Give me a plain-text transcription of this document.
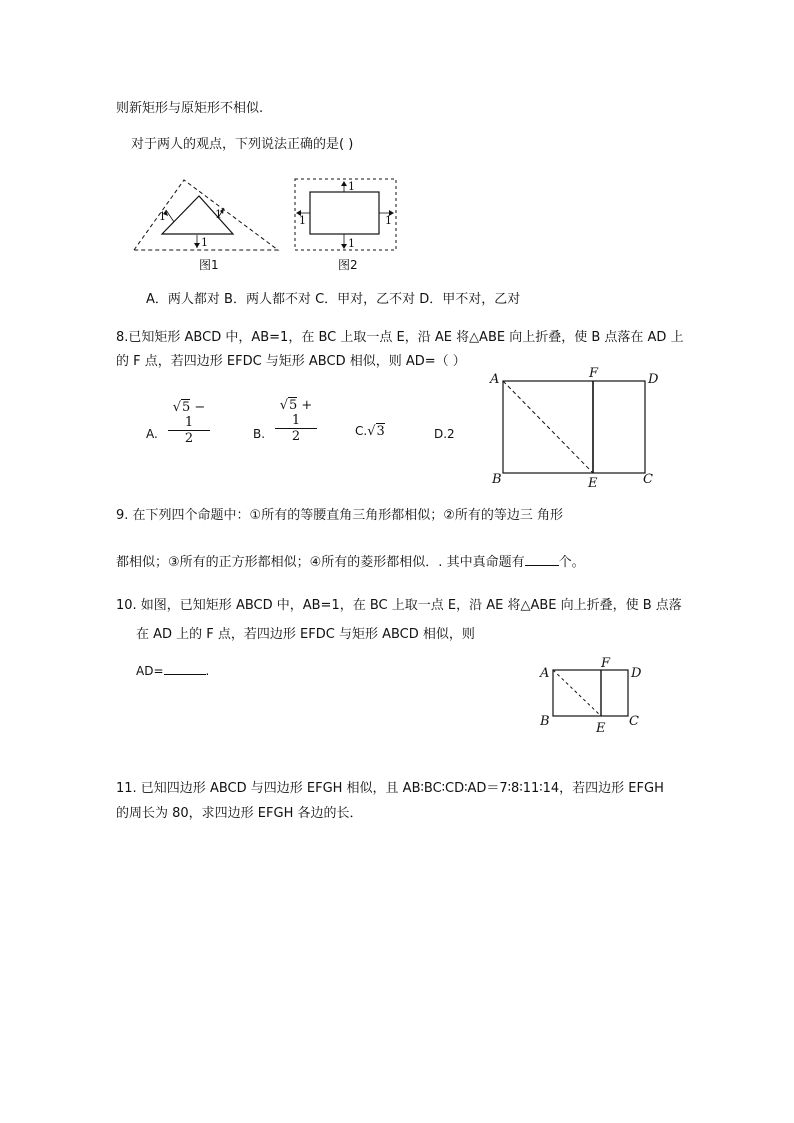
则新矩形与原矩形不相似.
对于两人的观点，下列说法正确的是( )
1	1
1
图1
1
1
1	1
图2
A．两人都对 B．两人都不对 C．甲对，乙不对 D．甲不对，乙对
8.已知矩形 ABCD 中，AB=1，在 BC 上取一点 E，沿 AE 将△ABE 向上折叠，使 B 点落在 AD 上
的 F 点，若四边形 EFDC 与矩形 ABCD 相似，则 AD=（ ）
A. $\frac{√5 - 1}{2}$	B. $\frac{√5 + 1}{2}$	C.√3	D.2
A	F	D
B	E	C
9. 在下列四个命题中：①所有的等腰直角三角形都相似；②所有的等边三 角形
都相似；③所有的正方形都相似；④所有的菱形都相似．. 其中真命题有	个。
10. 如图，已知矩形 ABCD 中，AB=1，在 BC 上取一点 E，沿 AE 将△ABE 向上折叠，使 B 点落
在 AD 上的 F 点，若四边形 EFDC 与矩形 ABCD 相似，则
AD=	.	A
F
D
B	E C
11. 已知四边形 ABCD 与四边形 EFGH 相似，且 AB∶BC∶CD∶AD＝7∶8∶11∶14，若四边形 EFGH
的周长为 80，求四边形 EFGH 各边的长．
